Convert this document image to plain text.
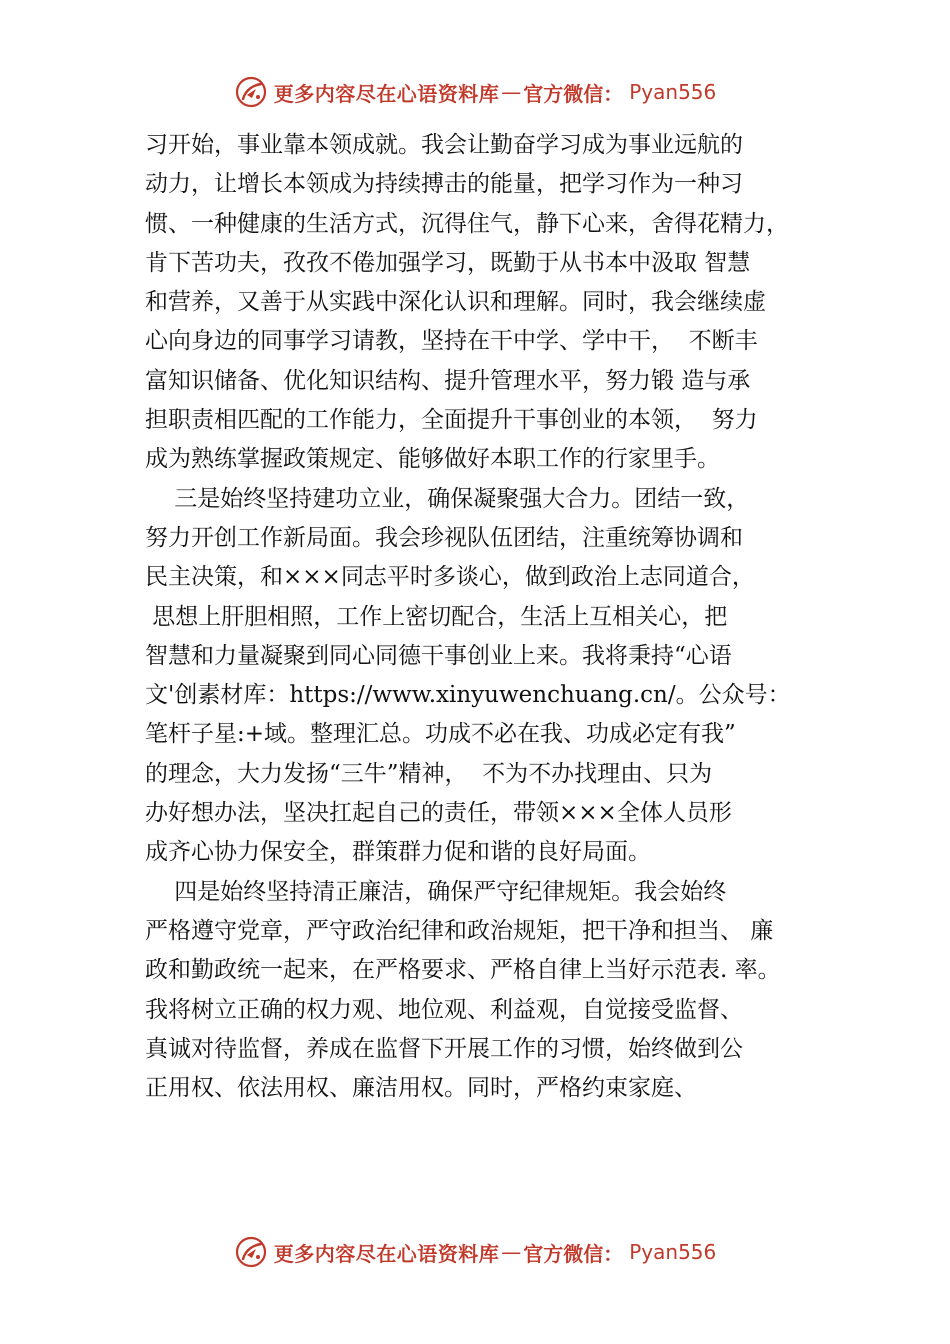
更多内容尽在心语资料库 — 官方微信： Pyan556
习开始，事业靠本领成就。我会让勤奋学习成为事业远航的
动力，让增长本领成为持续搏击的能量，把学习作为一种习
惯、一种健康的生活方式，沉得住气，静下心来，舍得花精力，
肯下苦功夫，孜孜不倦加强学习，既勤于从书本中汲取 智慧
和营养，又善于从实践中深化认识和理解。同时，我会继续虚
心向身边的同事学习请教，坚持在干中学、学中干，  不断丰
富知识储备、优化知识结构、提升管理水平，努力锻 造与承
担职责相匹配的工作能力，全面提升干事创业的本领，  努力
成为熟练掌握政策规定、能够做好本职工作的行家里手。
三是始终坚持建功立业，确保凝聚强大合力。团结一致，
努力开创工作新局面。我会珍视队伍团结，注重统筹协调和
民主决策，和×××同志平时多谈心，做到政治上志同道合，
思想上肝胆相照，工作上密切配合，生活上互相关心，把
智慧和力量凝聚到同心同德干事创业上来。我将秉持“心语
文'创素材库：https://www.xinyuwenchuang.cn/。公众号：
笔杆子星:+域。整理汇总。功成不必在我、功成必定有我”
的理念，大力发扬“三牛”精神，  不为不办找理由、只为
办好想办法，坚决扛起自己的责任，带领×××全体人员形
成齐心协力保安全，群策群力促和谐的良好局面。
四是始终坚持清正廉洁，确保严守纪律规矩。我会始终
严格遵守党章，严守政治纪律和政治规矩，把干净和担当、 廉
政和勤政统一起来，在严格要求、严格自律上当好示范表. 率。
我将树立正确的权力观、地位观、利益观，自觉接受监督、
真诚对待监督，养成在监督下开展工作的习惯，始终做到公
正用权、依法用权、廉洁用权。同时，严格约束家庭、
更多内容尽在心语资料库 — 官方微信： Pyan556
